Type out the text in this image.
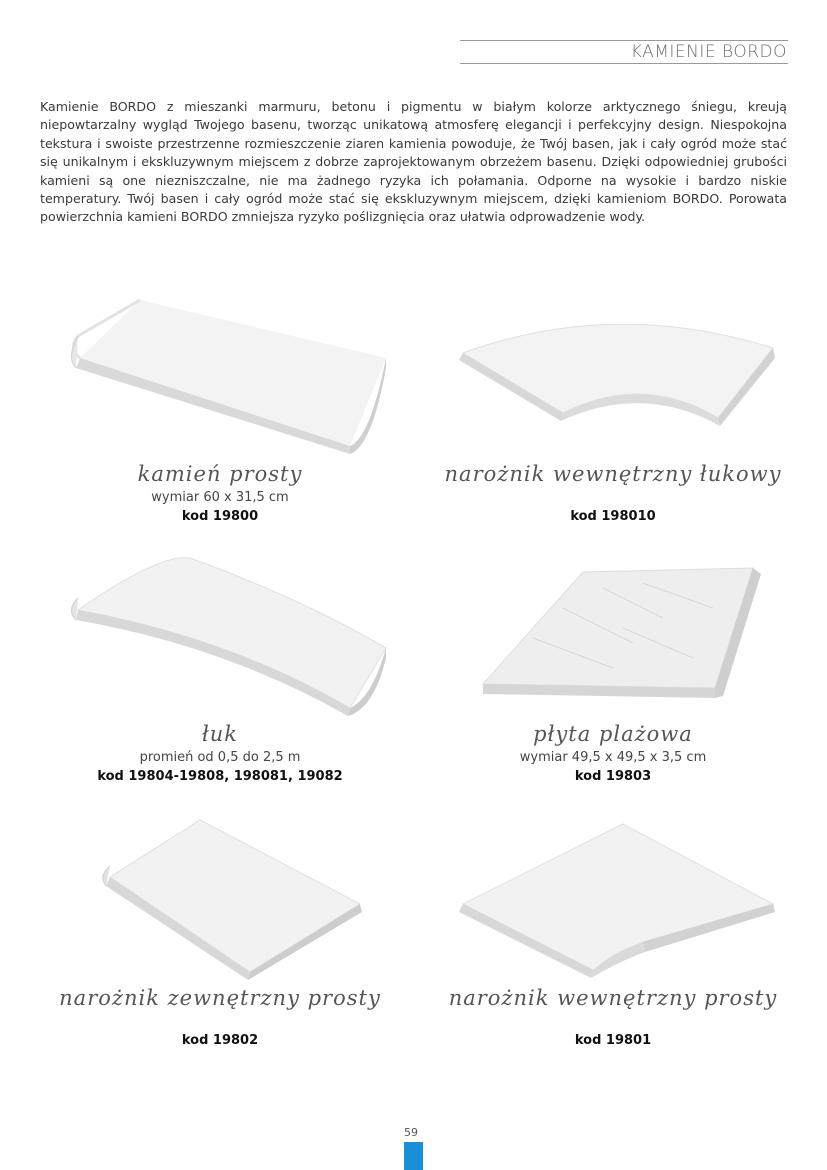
KAMIENIE BORDO

Kamienie BORDO z mieszanki marmuru, betonu i pigmentu w białym kolorze arktycznego śniegu, kreują niepowtarzalny wygląd Twojego basenu, tworząc unikatową atmosferę elegancji i perfekcyjny design. Niespokojna tekstura i swoiste przestrzenne rozmieszczenie ziaren kamienia powoduje, że Twój basen, jak i cały ogród może stać się unikalnym i ekskluzywnym miejscem z dobrze zaprojektowanym obrzeżem basenu. Dzięki odpowiedniej grubości kamieni są one niezniszczalne, nie ma żadnego ryzyka ich połamania. Odporne na wysokie i bardzo niskie temperatury. Twój basen i cały ogród może stać się ekskluzywnym miejscem, dzięki kamieniom BORDO. Porowata powierzchnia kamieni BORDO zmniejsza ryzyko poślizgnięcia oraz ułatwia odprowadzenie wody.

kamień prosty
wymiar 60 x 31,5 cm
kod 19800
narożnik wewnętrzny łukowy
kod 198010
łuk
promień od 0,5 do 2,5 m
kod 19804-19808, 198081, 19082
płyta plażowa
wymiar 49,5 x 49,5 x 3,5 cm
kod 19803
narożnik zewnętrzny prosty
kod 19802
narożnik wewnętrzny prosty
kod 19801
59
